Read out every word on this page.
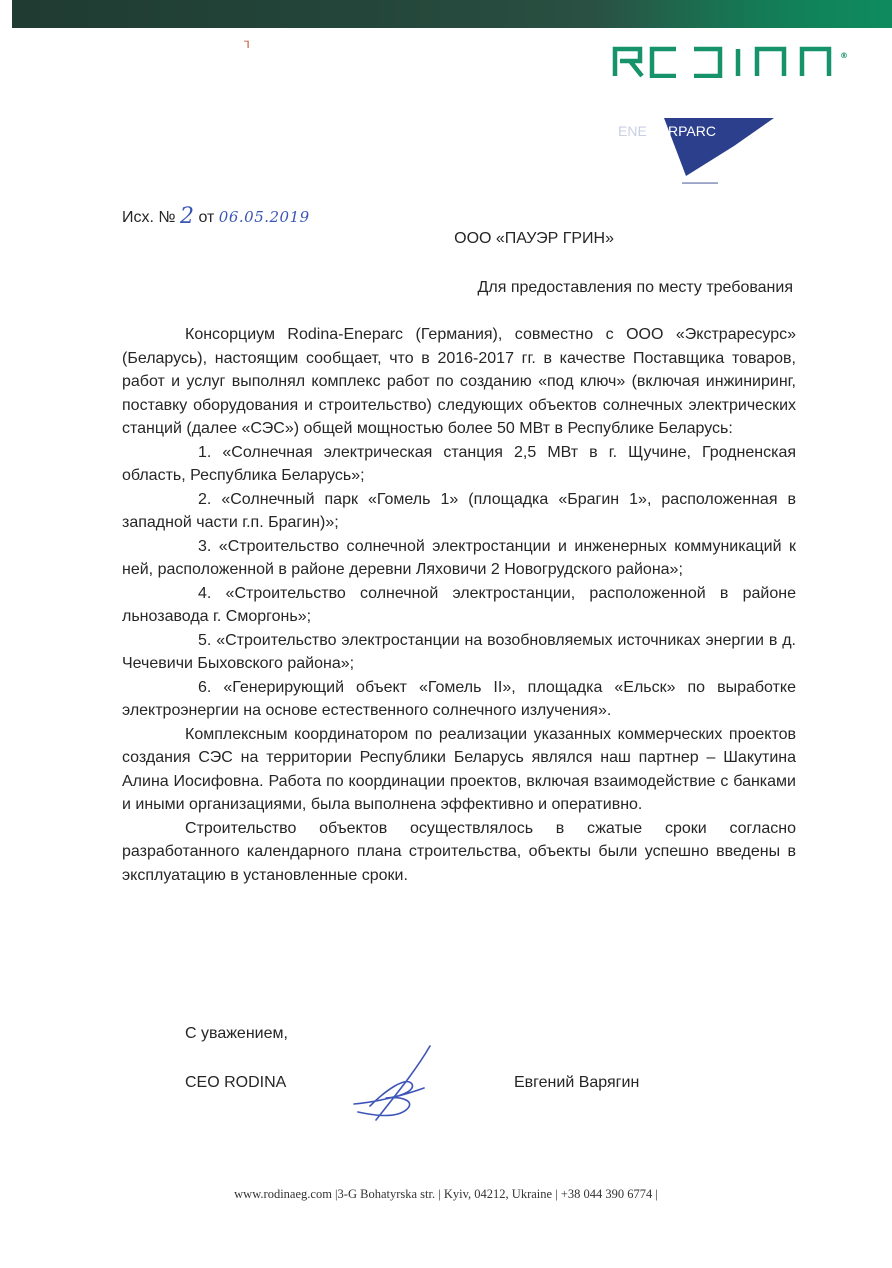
Ꞁ
®
ENE RPARC
▬▬▬▬▬▬
Исх. № 2 от 06.05.2019
ООО «ПАУЭР ГРИН»
Для предоставления по месту требования

Консорциум Rodina-Eneparc (Германия), совместно с ООО «Экстраресурс» (Беларусь), настоящим сообщает, что в 2016-2017 гг. в качестве Поставщика товаров, работ и услуг выполнял комплекс работ по созданию «под ключ» (включая инжиниринг, поставку оборудования и строительство) следующих объектов солнечных электрических станций (далее «СЭС») общей мощностью более 50 МВт в Республике Беларусь:

1. «Солнечная электрическая станция 2,5 МВт в г. Щучине, Гродненская область, Республика Беларусь»;

2. «Солнечный парк «Гомель 1» (площадка «Брагин 1», расположенная в западной части г.п. Брагин)»;

3. «Строительство солнечной электростанции и инженерных коммуникаций к ней, расположенной в районе деревни Ляховичи 2 Новогрудского района»;

4. «Строительство солнечной электростанции, расположенной в районе льнозавода г. Сморгонь»;

5. «Строительство электростанции на возобновляемых источниках энергии в д. Чечевичи Быховского района»;

6. «Генерирующий объект «Гомель II», площадка «Ельск» по выработке электроэнергии на основе естественного солнечного излучения».

Комплексным координатором по реализации указанных коммерческих проектов создания СЭС на территории Республики Беларусь являлся наш партнер – Шакутина Алина Иосифовна. Работа по координации проектов, включая взаимодействие с банками и иными организациями, была выполнена эффективно и оперативно.

Строительство объектов осуществлялось в сжатые сроки согласно разработанного календарного плана строительства, объекты были успешно введены в эксплуатацию в установленные сроки.

С уважением,
CEO RODINA	Евгений Варягин
www.rodinaeg.com |3-G Bohatyrska str. | Kyiv, 04212, Ukraine | +38 044 390 6774 |
